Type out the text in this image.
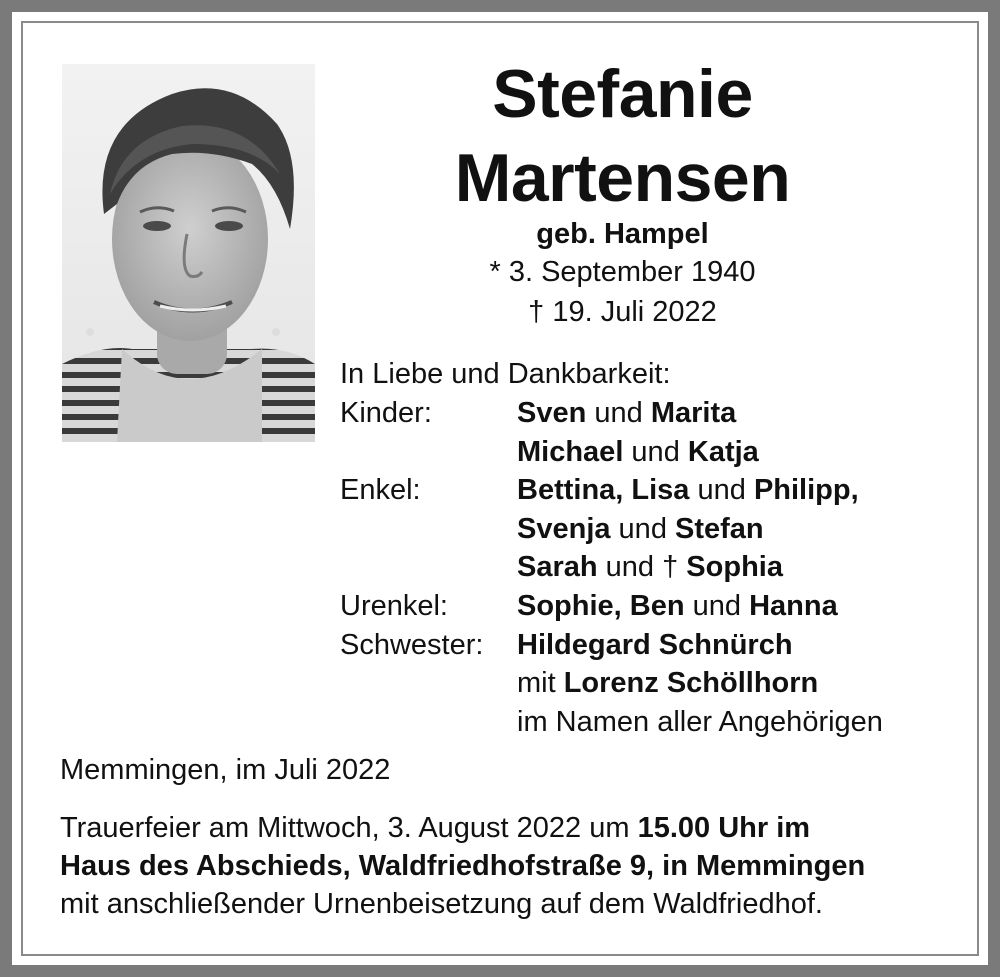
Stefanie
Martensen
geb. Hampel
* 3. September 1940
† 19. Juli 2022
In Liebe und Dankbarkeit:
Kinder:	Sven und Marita
Michael und Katja
Enkel:	Bettina, Lisa und Philipp,
Svenja und Stefan
Sarah und † Sophia
Urenkel:	Sophie, Ben und Hanna
Schwester:	Hildegard Schnürch
mit Lorenz Schöllhorn
im Namen aller Angehörigen
Memmingen, im Juli 2022
Trauerfeier am Mittwoch, 3. August 2022 um 15.00 Uhr im
Haus des Abschieds, Waldfriedhofstraße 9, in Memmingen
mit anschließender Urnenbeisetzung auf dem Waldfriedhof.
